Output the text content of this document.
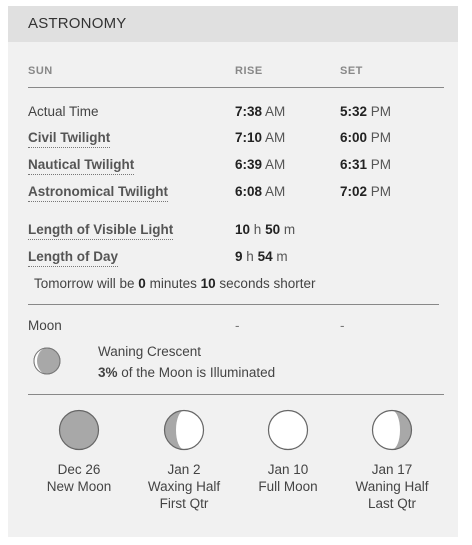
ASTRONOMY
SUN	RISE	SET
Actual Time	7:38 AM	5:32 PM
Civil Twilight	7:10 AM	6:00 PM
Nautical Twilight	6:39 AM	6:31 PM
Astronomical Twilight	6:08 AM	7:02 PM
Length of Visible Light	10 h 50 m
Length of Day	9 h 54 m
Tomorrow will be 0 minutes 10 seconds shorter
Moon	-	-
Waning Crescent
3% of the Moon is Illuminated
Dec 26
New Moon
Jan 2
Waxing Half
First Qtr
Jan 10
Full Moon
Jan 17
Waning Half
Last Qtr
